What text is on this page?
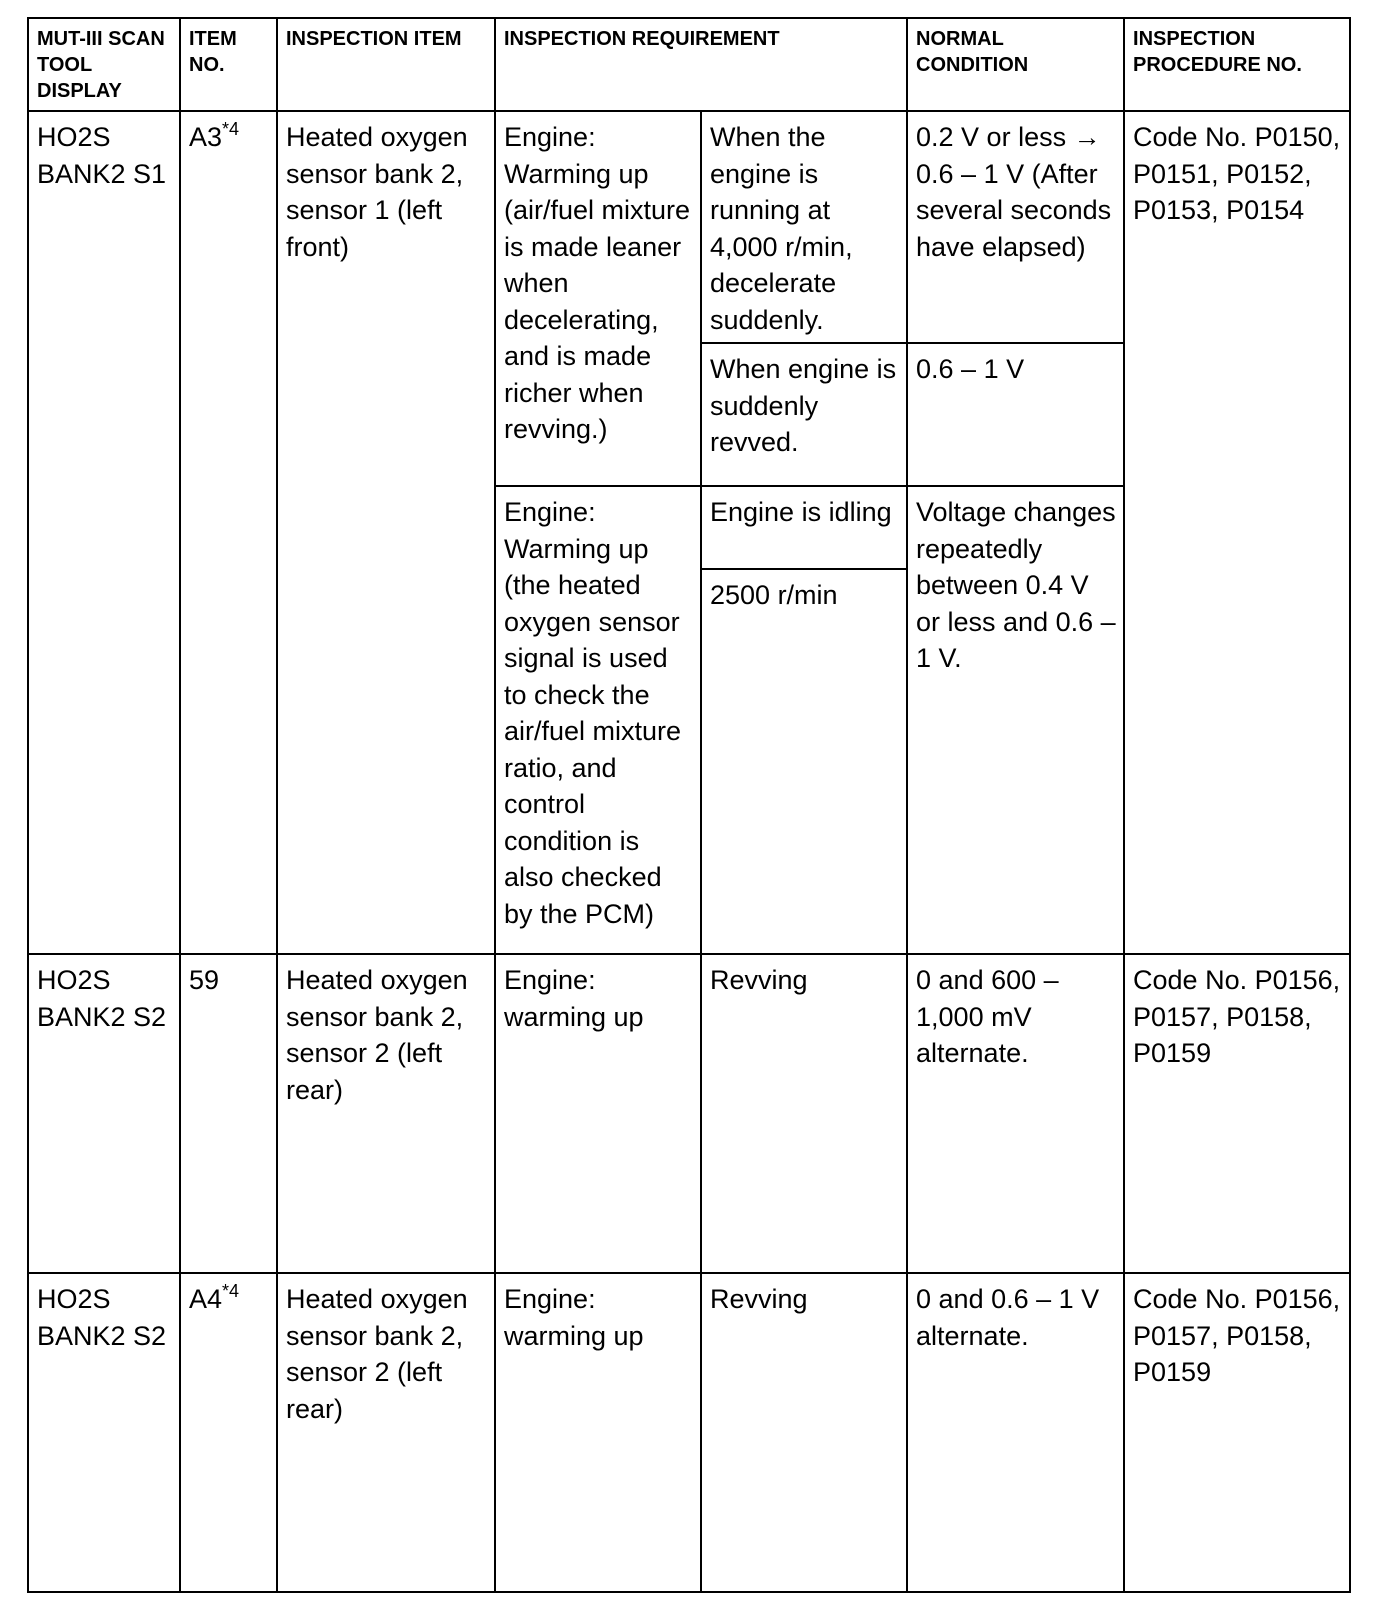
MUT-III SCAN TOOL DISPLAY	ITEM NO.	INSPECTION ITEM	INSPECTION REQUIREMENT		NORMAL CONDITION	INSPECTION PROCEDURE NO.
HO2S BANK2 S1	A3$^{*4}$	Heated oxygen sensor bank 2, sensor 1 (left front)	Engine: Warming up (air/fuel mixture is made leaner when decelerating, and is made richer when revving.)	When the engine is running at 4,000 r/min, decelerate suddenly.	0.2 V or less → 0.6 – 1 V (After several seconds have elapsed)	Code No. P0150, P0151, P0152, P0153, P0154
				When engine is suddenly revved.	0.6 – 1 V	
			Engine: Warming up (the heated oxygen sensor signal is used to check the air/fuel mixture ratio, and control condition is also checked by the PCM)	Engine is idling	Voltage changes repeatedly between 0.4 V or less and 0.6 – 1 V.	
				2500 r/min		
HO2S BANK2 S2	59	Heated oxygen sensor bank 2, sensor 2 (left rear)	Engine: warming up	Revving	0 and 600 – 1,000 mV alternate.	Code No. P0156, P0157, P0158, P0159
HO2S BANK2 S2	A4$^{*4}$	Heated oxygen sensor bank 2, sensor 2 (left rear)	Engine: warming up	Revving	0 and 0.6 – 1 V alternate.	Code No. P0156, P0157, P0158, P0159
